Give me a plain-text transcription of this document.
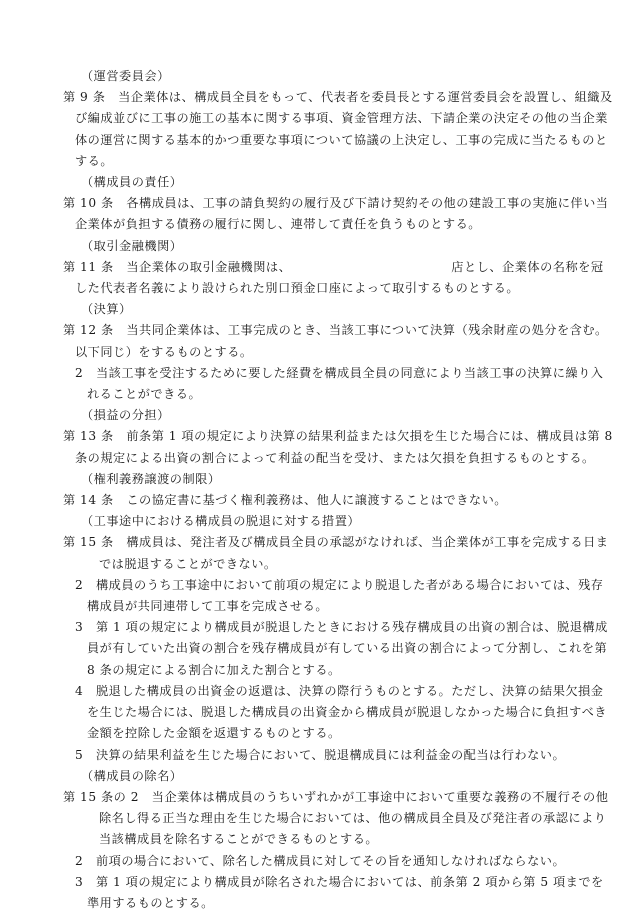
（運営委員会）

第 9 条　 当企業体は、構成員全員をもって、代表者を委員長とする運営委員会を設置し、組織及び編成並びに工事の施工の基本に関する事項、資金管理方法、下請企業の決定その他の当企業体の運営に関する基本的かつ重要な事項について協議の上決定し、工事の完成に当たるものとする。

（構成員の責任）

第 10 条　 各構成員は、工事の請負契約の履行及び下請け契約その他の建設工事の実施に伴い当企業体が負担する債務の履行に関し、連帯して責任を負うものとする。

（取引金融機関）

第 11 条　 当企業体の取引金融機関は、	店とし、企業体の名称を冠した代表者名義により設けられた別口預金口座によって取引するものとする。

（決算）

第 12 条　 当共同企業体は、工事完成のとき、当該工事について決算（残余財産の処分を含む。以下同じ）をするものとする。

2　 当該工事を受注するために要した経費を構成員全員の同意により当該工事の決算に繰り入れることができる。

（損益の分担）

第 13 条　 前条第 1 項の規定により決算の結果利益または欠損を生じた場合には、構成員は第 8 条の規定による出資の割合によって利益の配当を受け、または欠損を負担するものとする。

（権利義務譲渡の制限）

第 14 条　 この協定書に基づく権利義務は、他人に譲渡することはできない。

（工事途中における構成員の脱退に対する措置）

第 15 条　 構成員は、発注者及び構成員全員の承認がなければ、当企業体が工事を完成する日までは脱退することができない。

2　 構成員のうち工事途中において前項の規定により脱退した者がある場合においては、残存構成員が共同連帯して工事を完成させる。

3　 第 1 項の規定により構成員が脱退したときにおける残存構成員の出資の割合は、脱退構成員が有していた出資の割合を残存構成員が有している出資の割合によって分割し、これを第 8 条の規定による割合に加えた割合とする。

4　 脱退した構成員の出資金の返還は、決算の際行うものとする。ただし、決算の結果欠損金を生じた場合には、脱退した構成員の出資金から構成員が脱退しなかった場合に負担すべき金額を控除した金額を返還するものとする。

5　 決算の結果利益を生じた場合において、脱退構成員には利益金の配当は行わない。

（構成員の除名）

第 15 条の 2　 当企業体は構成員のうちいずれかが工事途中において重要な義務の不履行その他除名し得る正当な理由を生じた場合においては、他の構成員全員及び発注者の承認により当該構成員を除名することができるものとする。

2　 前項の場合において、除名した構成員に対してその旨を通知しなければならない。

3　 第 1 項の規定により構成員が除名された場合においては、前条第 2 項から第 5 項までを準用するものとする。
